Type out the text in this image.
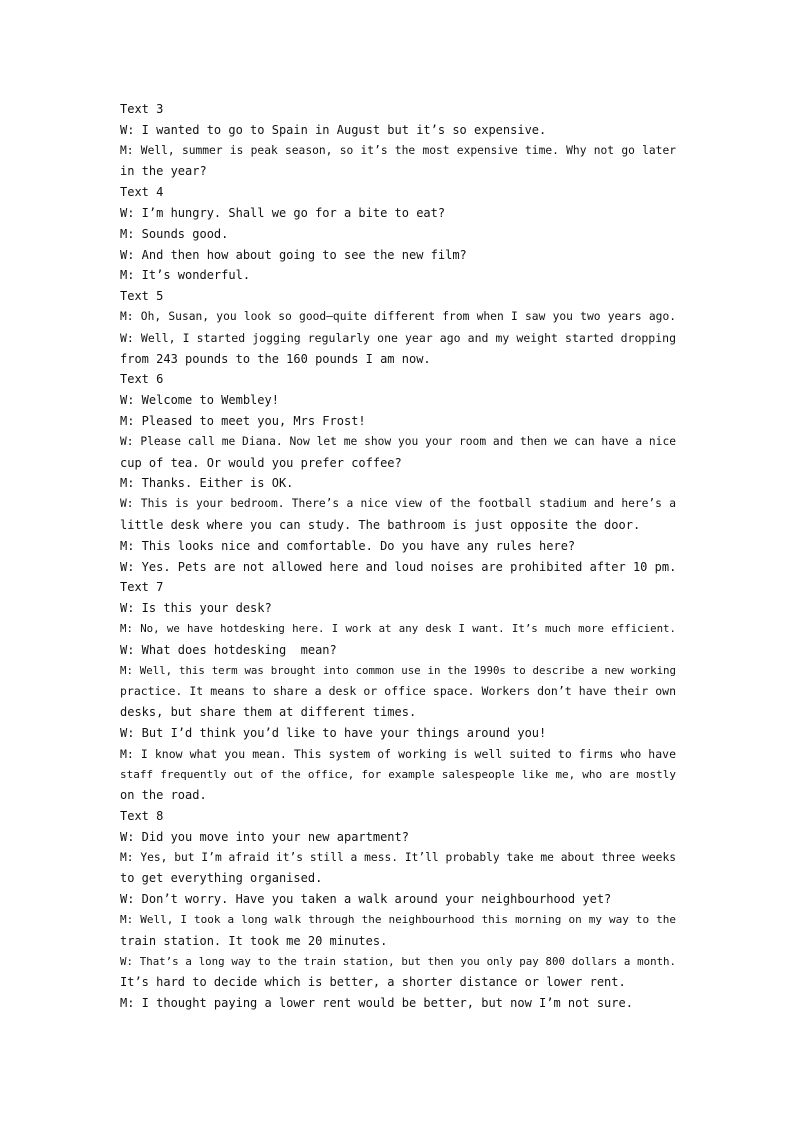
Text 3

W: I wanted to go to Spain in August but it’s so expensive.

M: Well, summer is peak season, so it’s the most expensive time. Why not go later

in the year?

Text 4

W: I’m hungry. Shall we go for a bite to eat?

M: Sounds good.

W: And then how about going to see the new film?

M: It’s wonderful.

Text 5

M: Oh, Susan, you look so good—quite different from when I saw you two years ago.

W: Well, I started jogging regularly one year ago and my weight started dropping

from 243 pounds to the 160 pounds I am now.

Text 6

W: Welcome to Wembley!

M: Pleased to meet you, Mrs Frost!

W: Please call me Diana. Now let me show you your room and then we can have a nice

cup of tea. Or would you prefer coffee?

M: Thanks. Either is OK.

W: This is your bedroom. There’s a nice view of the football stadium and here’s a

little desk where you can study. The bathroom is just opposite the door.

M: This looks nice and comfortable. Do you have any rules here?

W: Yes. Pets are not allowed here and loud noises are prohibited after 10 pm.

Text 7

W: Is this your desk?

M: No, we have hotdesking here. I work at any desk I want. It’s much more efficient.

W: What does hotdesking  mean?

M: Well, this term was brought into common use in the 1990s to describe a new working

practice. It means to share a desk or office space. Workers don’t have their own

desks, but share them at different times.

W: But I’d think you’d like to have your things around you!

M: I know what you mean. This system of working is well suited to firms who have

staff frequently out of the office, for example salespeople like me, who are mostly

on the road.

Text 8

W: Did you move into your new apartment?

M: Yes, but I’m afraid it’s still a mess. It’ll probably take me about three weeks

to get everything organised.

W: Don’t worry. Have you taken a walk around your neighbourhood yet?

M: Well, I took a long walk through the neighbourhood this morning on my way to the

train station. It took me 20 minutes.

W: That’s a long way to the train station, but then you only pay 800 dollars a month.

It’s hard to decide which is better, a shorter distance or lower rent.

M: I thought paying a lower rent would be better, but now I’m not sure.
